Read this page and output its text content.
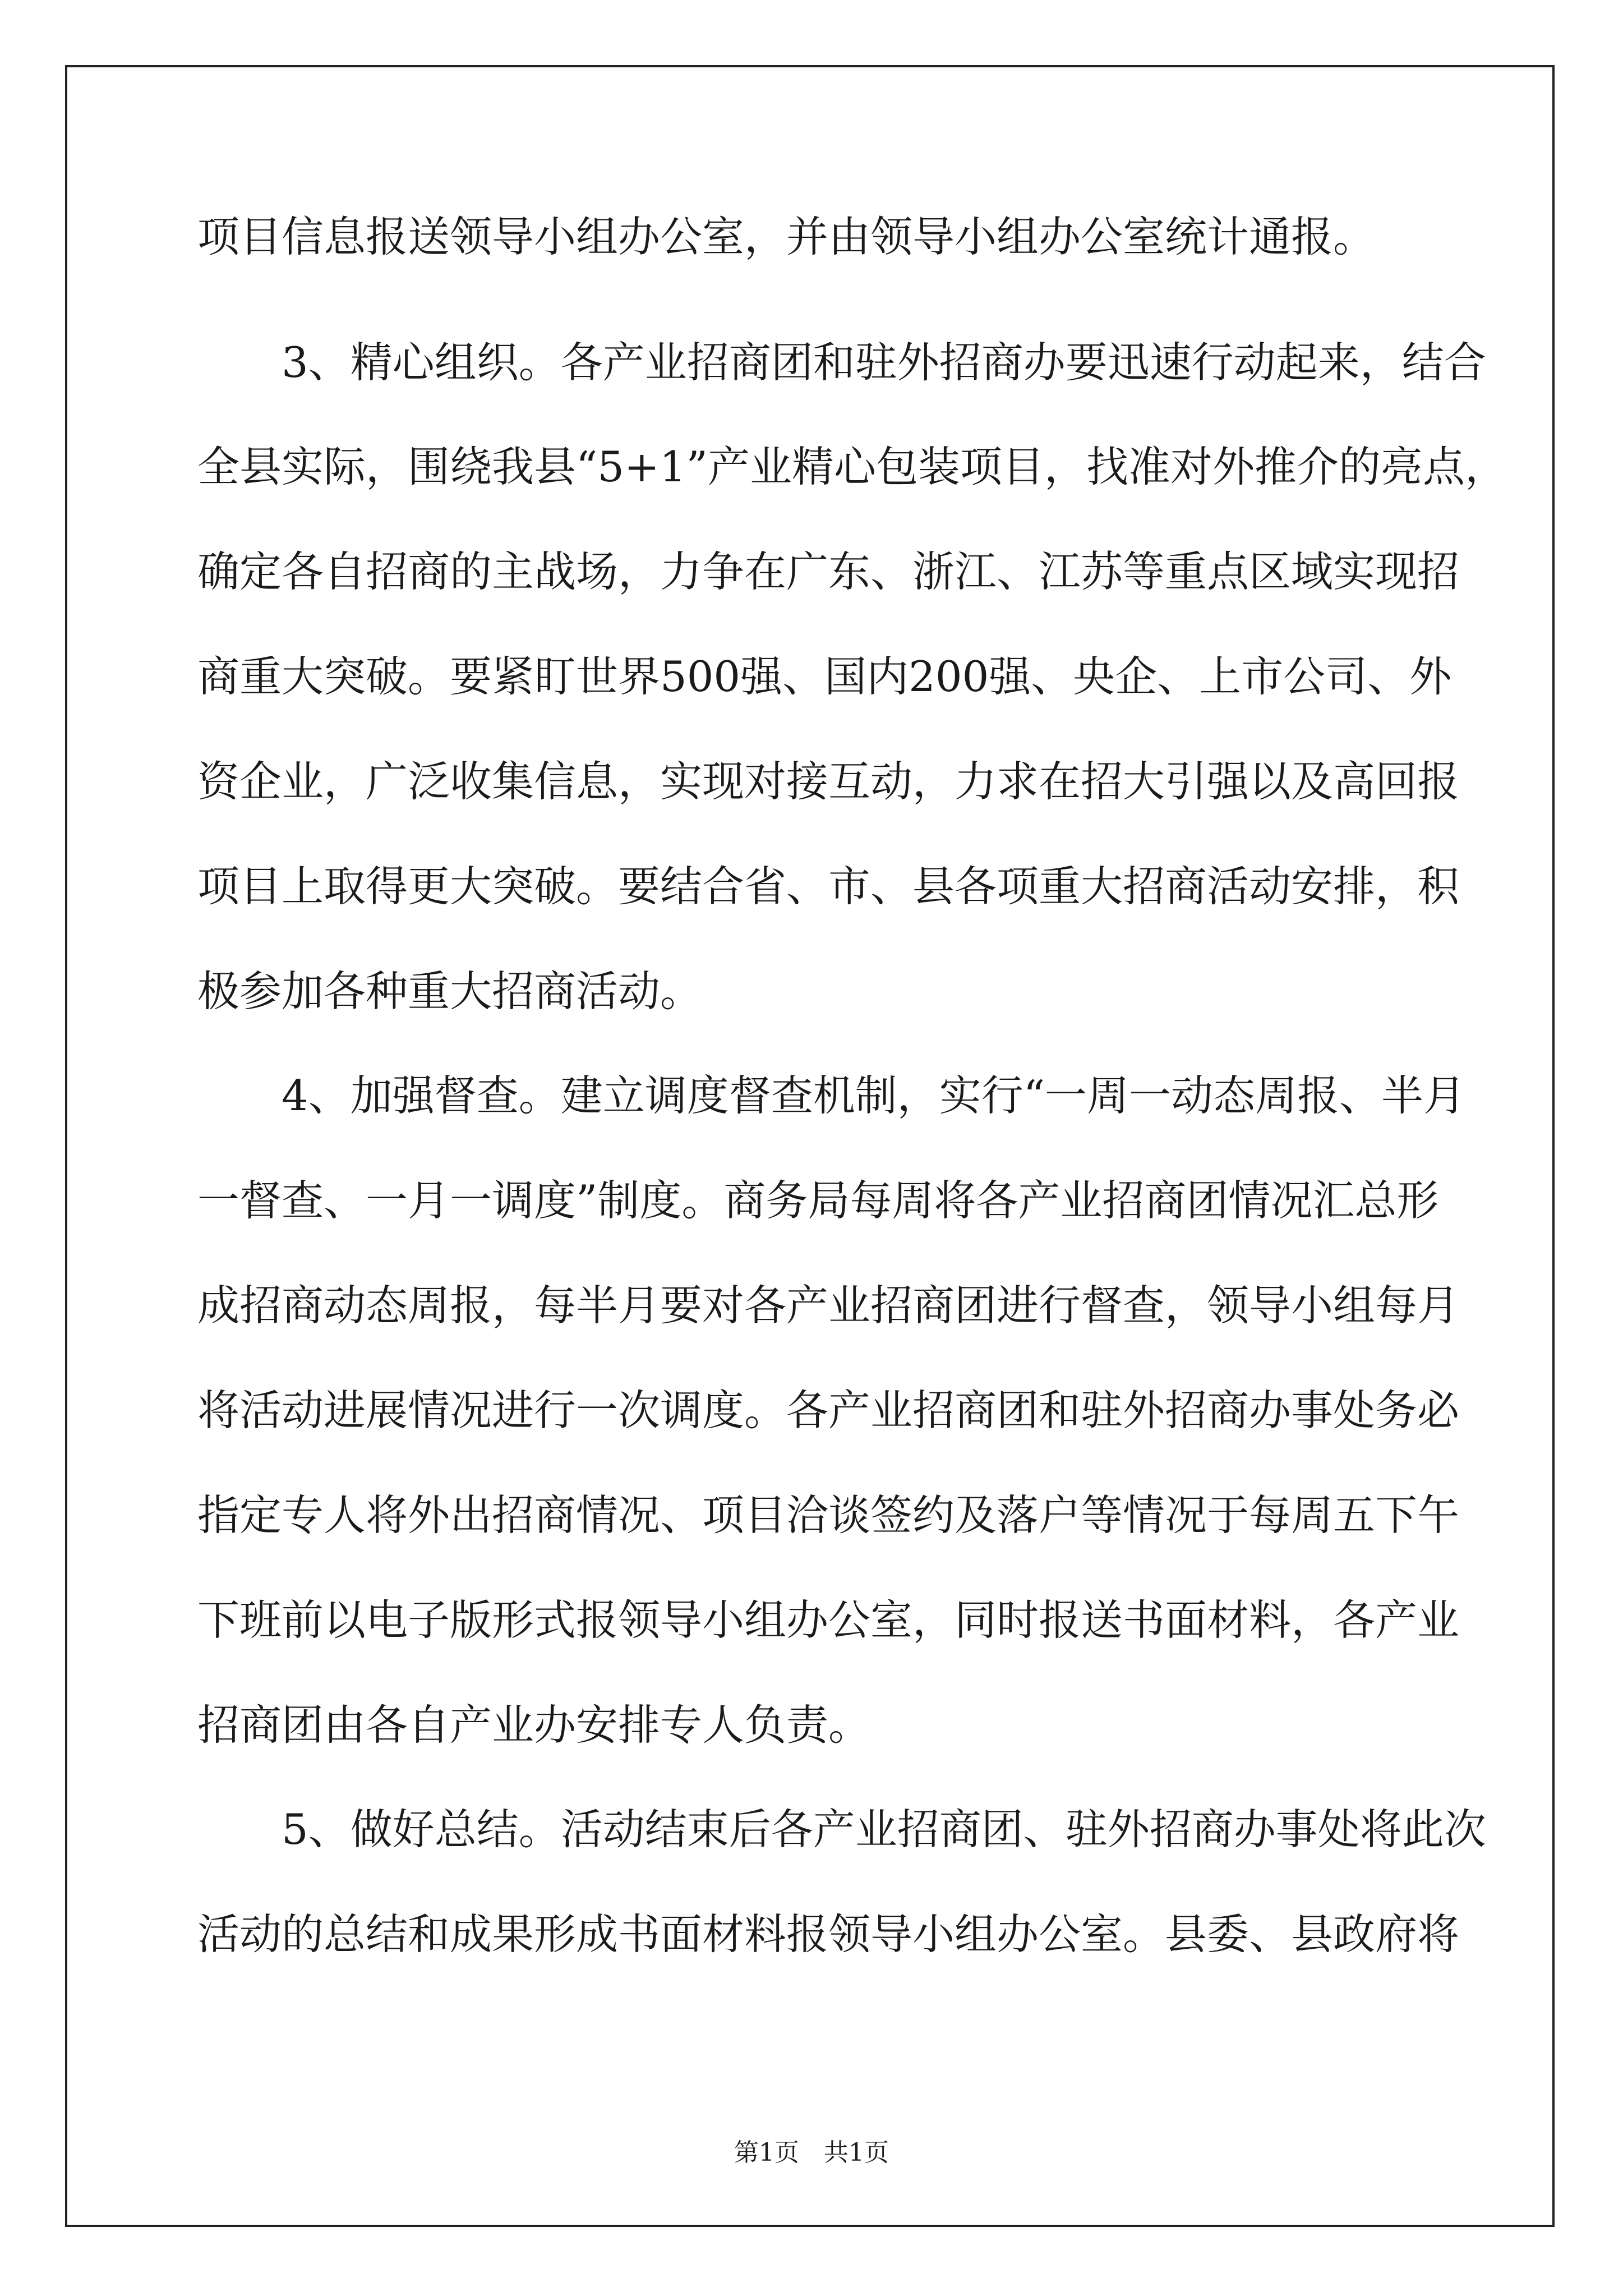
项目信息报送领导小组办公室，并由领导小组办公室统计通报。
　　3、精心组织。各产业招商团和驻外招商办要迅速行动起来，结合
全县实际，围绕我县“5+1”产业精心包装项目，找准对外推介的亮点，
确定各自招商的主战场，力争在广东、浙江、江苏等重点区域实现招
商重大突破。要紧盯世界500强、国内200强、央企、上市公司、外
资企业，广泛收集信息，实现对接互动，力求在招大引强以及高回报
项目上取得更大突破。要结合省、市、县各项重大招商活动安排，积
极参加各种重大招商活动。
　　4、加强督查。建立调度督查机制，实行“一周一动态周报、半月
一督查、一月一调度”制度。商务局每周将各产业招商团情况汇总形
成招商动态周报，每半月要对各产业招商团进行督查，领导小组每月
将活动进展情况进行一次调度。各产业招商团和驻外招商办事处务必
指定专人将外出招商情况、项目洽谈签约及落户等情况于每周五下午
下班前以电子版形式报领导小组办公室，同时报送书面材料，各产业
招商团由各自产业办安排专人负责。
　　5、做好总结。活动结束后各产业招商团、驻外招商办事处将此次
活动的总结和成果形成书面材料报领导小组办公室。县委、县政府将
第1页　共1页
